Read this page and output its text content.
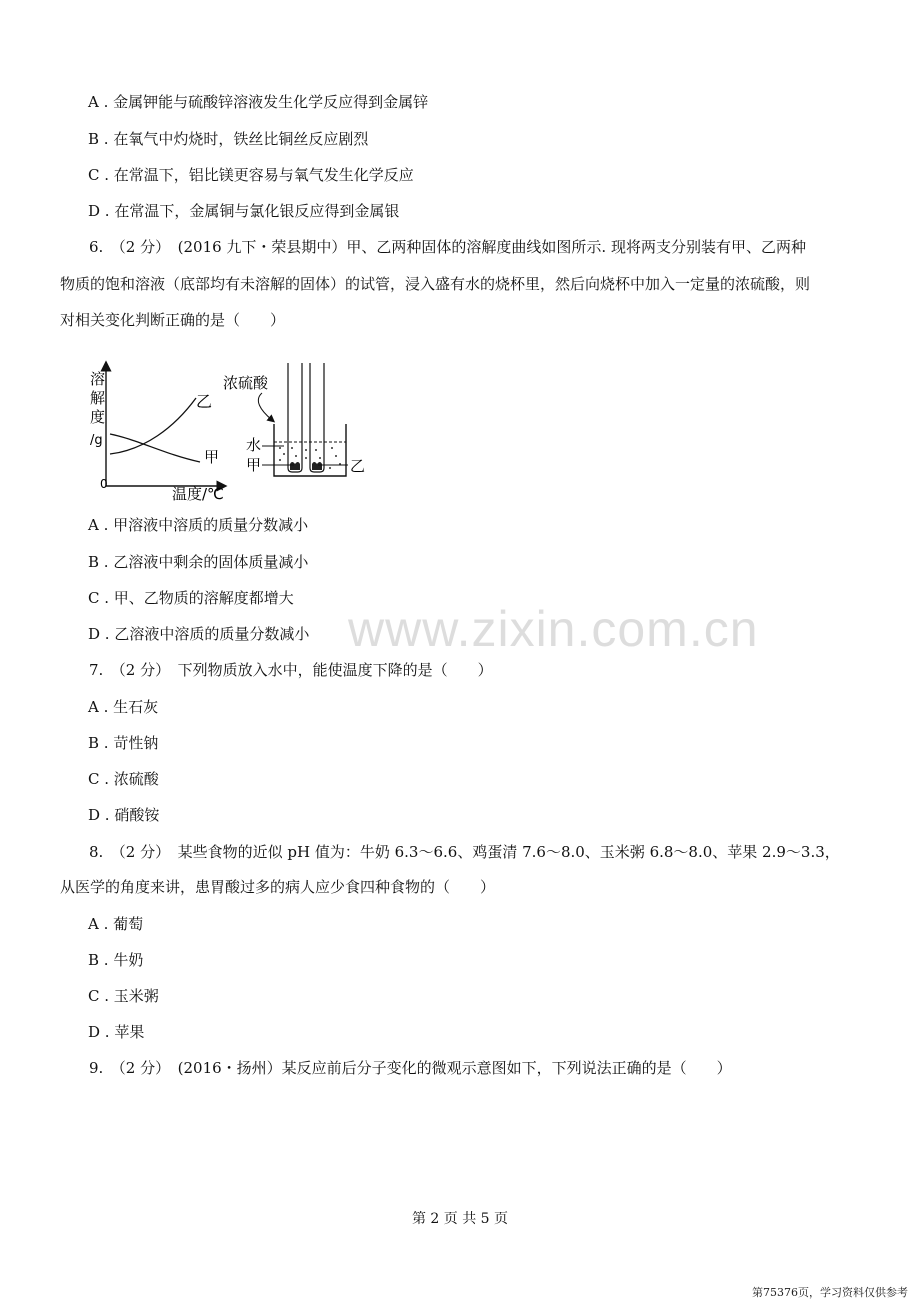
A . 金属钾能与硫酸锌溶液发生化学反应得到金属锌
B . 在氧气中灼烧时，铁丝比铜丝反应剧烈
C . 在常温下，铝比镁更容易与氧气发生化学反应
D . 在常温下，金属铜与氯化银反应得到金属银
6.　（2 分）　(2016 九下・荣县期中）甲、乙两种固体的溶解度曲线如图所示. 现将两支分别装有甲、乙两种
物质的饱和溶液（底部均有未溶解的固体）的试管，浸入盛有水的烧杯里，然后向烧杯中加入一定量的浓硫酸，则
对相关变化判断正确的是（　　）
溶
解
度
/g
0
温度/℃
乙
甲
浓硫酸
水
甲	乙
A . 甲溶液中溶质的质量分数减小
B . 乙溶液中剩余的固体质量减小
C . 甲、乙物质的溶解度都增大
D . 乙溶液中溶质的质量分数减小
7.　（2 分）　下列物质放入水中，能使温度下降的是（　　）
A . 生石灰
B . 苛性钠
C . 浓硫酸
D . 硝酸铵
8.　（2 分）　某些食物的近似 pH 值为：牛奶 6.3～6.6、鸡蛋清 7.6～8.0、玉米粥 6.8～8.0、苹果 2.9～3.3，
从医学的角度来讲，患胃酸过多的病人应少食四种食物的（　　）
A . 葡萄
B . 牛奶
C . 玉米粥
D . 苹果
9.　（2 分）　(2016・扬州）某反应前后分子变化的微观示意图如下，下列说法正确的是（　　）
www.zixin.com.cn
第 2 页 共 5 页
第75376页，学习资料仅供参考
